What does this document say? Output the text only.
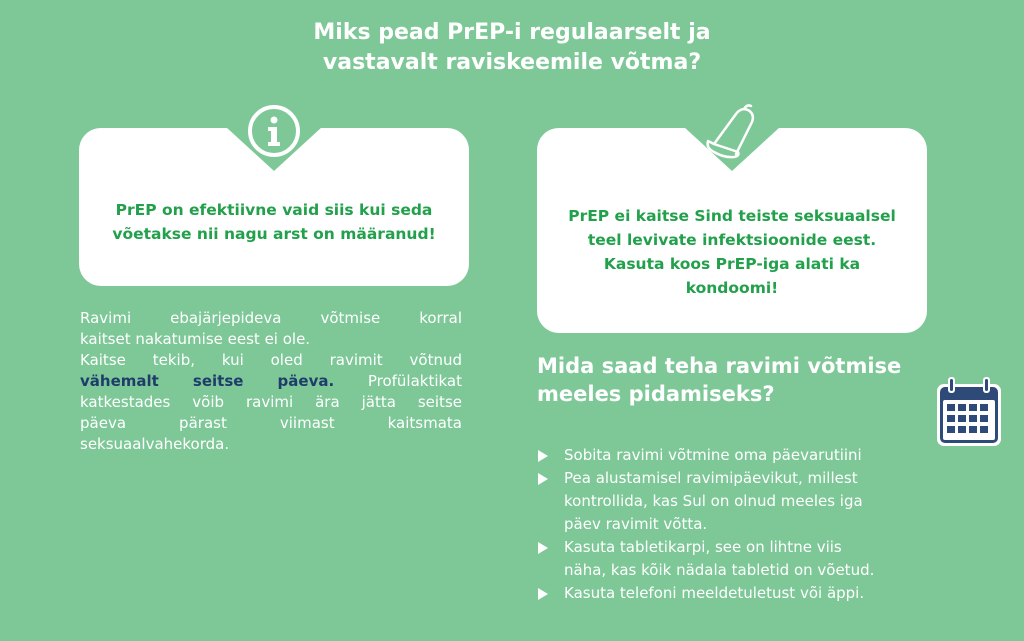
Miks pead PrEP-i regulaarselt ja
vastavalt raviskeemile võtma?
PrEP on efektiivne vaid siis kui seda
võetakse nii nagu arst on määranud!
PrEP ei kaitse Sind teiste seksuaalsel
teel levivate infektsioonide eest.
Kasuta koos PrEP-iga alati ka
kondoomi!
Ravimi ebajärjepideva võtmise korral
kaitset nakatumise eest ei ole.
Kaitse tekib, kui oled ravimit võtnud
vähemalt seitse päeva. Profülaktikat
katkestades võib ravimi ära jätta seitse
päeva pärast viimast kaitsmata
seksuaalvahekorda.
Mida saad teha ravimi võtmise
meeles pidamiseks?
Sobita ravimi võtmine oma päevarutiini
Pea alustamisel ravimipäevikut, millest
kontrollida, kas Sul on olnud meeles iga
päev ravimit võtta.
Kasuta tabletikarpi, see on lihtne viis
näha, kas kõik nädala tabletid on võetud.
Kasuta telefoni meeldetuletust või äppi.
